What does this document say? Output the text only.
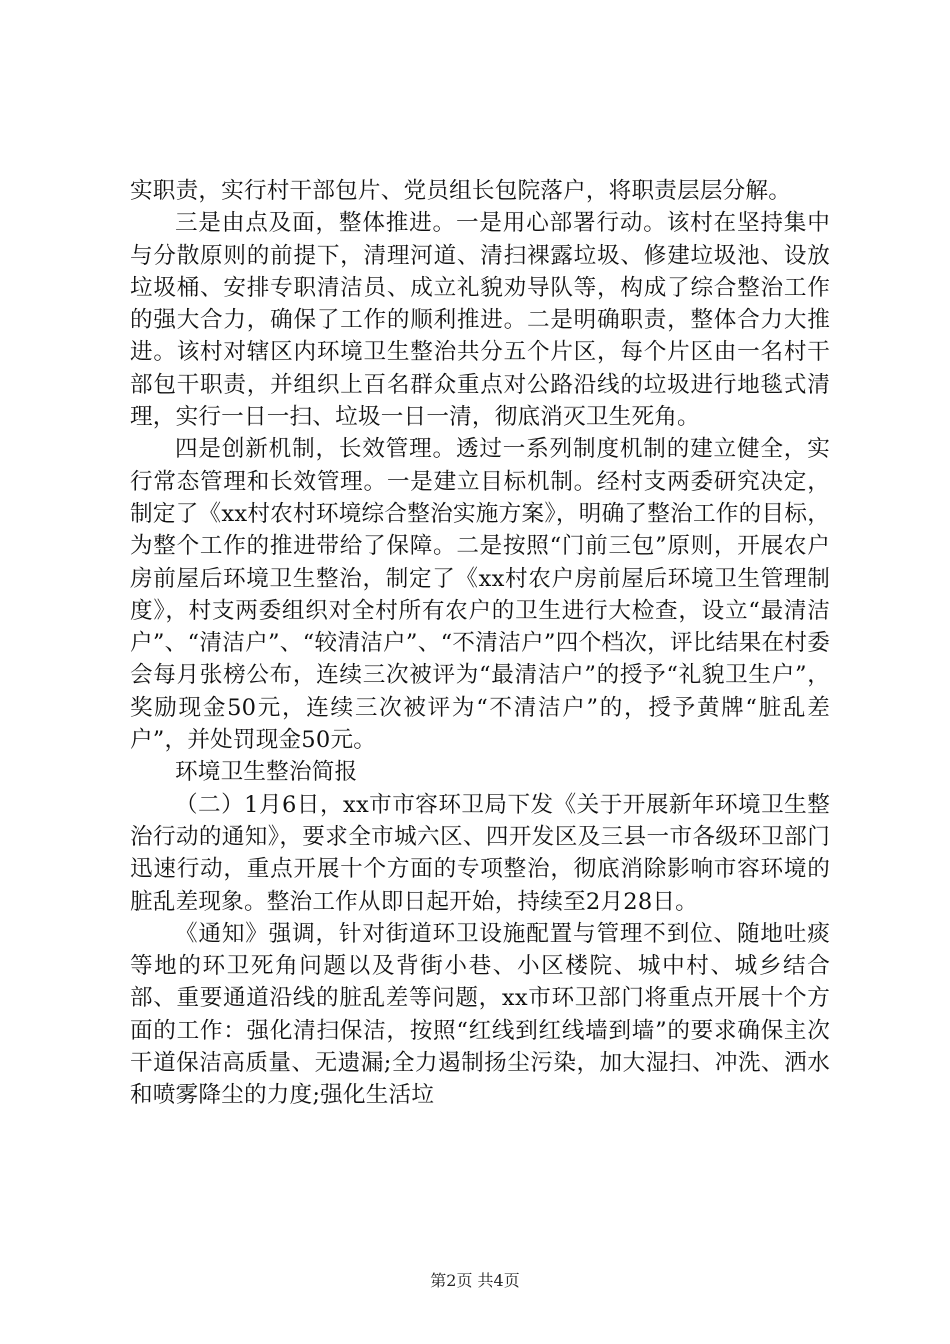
实职责，实行村干部包片、党员组长包院落户，将职责层层分解。

三是由点及面，整体推进。一是用心部署行动。该村在坚持集中与分散原则的前提下，清理河道、清扫裸露垃圾、修建垃圾池、设放垃圾桶、安排专职清洁员、成立礼貌劝导队等，构成了综合整治工作的强大合力，确保了工作的顺利推进。二是明确职责，整体合力大推进。该村对辖区内环境卫生整治共分五个片区，每个片区由一名村干部包干职责，并组织上百名群众重点对公路沿线的垃圾进行地毯式清理，实行一日一扫、垃圾一日一清，彻底消灭卫生死角。

四是创新机制，长效管理。透过一系列制度机制的建立健全，实行常态管理和长效管理。一是建立目标机制。经村支两委研究决定，制定了《xx村农村环境综合整治实施方案》，明确了整治工作的目标，为整个工作的推进带给了保障。二是按照“门前三包”原则，开展农户房前屋后环境卫生整治，制定了《xx村农户房前屋后环境卫生管理制度》，村支两委组织对全村所有农户的卫生进行大检查，设立“最清洁户”、“清洁户”、“较清洁户”、“不清洁户”四个档次，评比结果在村委会每月张榜公布，连续三次被评为“最清洁户”的授予“礼貌卫生户”，奖励现金50元，连续三次被评为“不清洁户”的，授予黄牌“脏乱差户”，并处罚现金50元。

环境卫生整治简报

（二）1月6日，xx市市容环卫局下发《关于开展新年环境卫生整治行动的通知》，要求全市城六区、四开发区及三县一市各级环卫部门迅速行动，重点开展十个方面的专项整治，彻底消除影响市容环境的脏乱差现象。整治工作从即日起开始，持续至2月28日。

《通知》强调，针对街道环卫设施配置与管理不到位、随地吐痰等地的环卫死角问题以及背街小巷、小区楼院、城中村、城乡结合部、重要通道沿线的脏乱差等问题，xx市环卫部门将重点开展十个方面的工作：强化清扫保洁，按照“红线到红线墙到墙”的要求确保主次干道保洁高质量、无遗漏;全力遏制扬尘污染，加大湿扫、冲洗、洒水和喷雾降尘的力度;强化生活垃

第2页 共4页
